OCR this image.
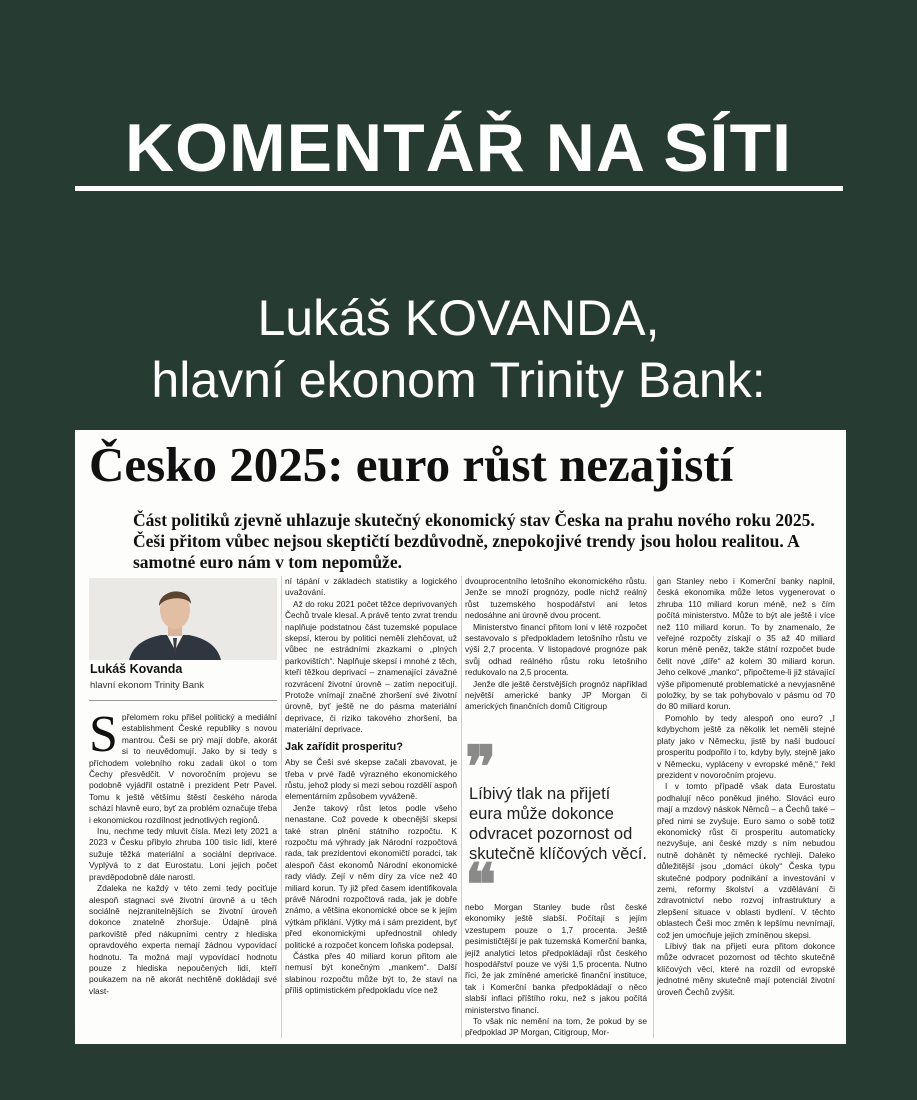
KOMENTÁŘ NA SÍTI
Lukáš KOVANDA,
hlavní ekonom Trinity Bank:
Česko 2025: euro růst nezajistí
Část politiků zjevně uhlazuje skutečný ekonomický stav Česka na prahu nového roku 2025. Češi přitom vůbec nejsou skeptičtí bezdůvodně, znepokojivé trendy jsou holou realitou. A samotné euro nám v tom nepomůže.
Lukáš Kovanda
hlavní ekonom Trinity Bank

Spřelomem roku přišel politický a mediální establishment České republiky s novou mantrou. Češi se prý mají dobře, akorát si to neuvědomují. Jako by si tedy s příchodem volebního roku zadali úkol o tom Čechy přesvědčit. V novoročním projevu se podobně vyjádřil ostatně i prezident Petr Pavel. Tomu k ještě většímu štěstí českého národa schází hlavně euro, byť za problém označuje třeba i ekonomickou rozdílnost jednotlivých regionů.

Inu, nechme tedy mluvit čísla. Mezi lety 2021 a 2023 v Česku přibylo zhruba 100 tisíc lidí, které sužuje těžká materiální a sociální deprivace. Vyplývá to z dat Eurostatu. Loni jejich počet pravděpodobně dále narostl.

Zdaleka ne každý v této zemi tedy pociťuje alespoň stagnaci své životní úrovně a u těch sociálně nejzranitelnějších se životní úroveň dokonce znatelně zhoršuje. Údajně plná parkoviště před nákupními centry z hlediska opravdového experta nemají žádnou vypovídací hodnotu. Ta možná mají vypovídací hodnotu pouze z hlediska nepoučených lidí, kteří poukazem na ně akorát nechtěně dokládají své vlast-

ní tápání v základech statistiky a logického uvažování.

Až do roku 2021 počet těžce deprivovaných Čechů trvale klesal. A právě tento zvrat trendu naplňuje podstatnou část tuzemské populace skepsí, kterou by politici neměli zlehčovat, už vůbec ne estrádními zkazkami o „plných parkovištích“. Naplňuje skepsí i mnohé z těch, kteří těžkou deprivací – znamenající závažné rozvrácení životní úrovně – zatím nepociťují. Protože vnímají značné zhoršení své životní úrovně, byť ještě ne do pásma materiální deprivace, či riziko takového zhoršení, ba materiální deprivace.

Jak zařídit prosperitu?

Aby se Češi své skepse začali zbavovat, je třeba v prvé řadě výrazného ekonomického růstu, jehož plody si mezi sebou rozdělí aspoň elementárním způsobem vyváženě.

Jenže takový růst letos podle všeho nenastane. Což povede k obecnější skepsi také stran plnění státního rozpočtu. K rozpočtu má výhrady jak Národní rozpočtová rada, tak prezidentovi ekonomičtí poradci, tak alespoň část ekonomů Národní ekonomické rady vlády. Zejí v něm díry za více než 40 miliard korun. Ty již před časem identifikovala právě Národní rozpočtová rada, jak je dobře známo, a většina ekonomické obce se k jejím výtkám přiklání. Výtky má i sám prezident, byť před ekonomickými upřednostnil ohledy politické a rozpočet koncem loňska podepsal.

Částka přes 40 miliard korun přitom ale nemusí být konečným „mankem“. Další slabinou rozpočtu může být to, že staví na příliš optimistickém předpokladu více než

dvouprocentního letošního ekonomického růstu. Jenže se množí prognózy, podle nichž reálný růst tuzemského hospodářství ani letos nedosáhne ani úrovně dvou procent.

Ministerstvo financí přitom loni v létě rozpočet sestavovalo s předpokladem letošního růstu ve výši 2,7 procenta. V listopadové prognóze pak svůj odhad reálného růstu roku letošního redukovalo na 2,5 procenta.

Jenže dle ještě čerstvějších prognóz například největší americké banky JP Morgan či amerických finančních domů Citigroup

❞
Líbivý tlak na přijetí eura může dokonce odvracet pozornost od skutečně klíčových věcí.
❝

nebo Morgan Stanley bude růst české ekonomiky ještě slabší. Počítají s jejím vzestupem pouze o 1,7 procenta. Ještě pesimističtější je pak tuzemská Komerční banka, jejíž analytici letos předpokládají růst českého hospodářství pouze ve výši 1,5 procenta. Nutno říci, že jak zmíněné americké finanční instituce, tak i Komerční banka předpokládají o něco slabší inflaci příštího roku, než s jakou počítá ministerstvo financí.

To však nic nemění na tom, že pokud by se předpoklad JP Morgan, Citigroup, Mor-

gan Stanley nebo i Komerční banky naplnil, česká ekonomika může letos vygenerovat o zhruba 110 miliard korun méně, než s čím počítá ministerstvo. Může to být ale ještě i více než 110 miliard korun. To by znamenalo, že veřejné rozpočty získají o 35 až 40 miliard korun méně peněz, takže státní rozpočet bude čelit nové „díře“ až kolem 30 miliard korun. Jeho celkové „manko“, připočteme-li již stávající výše připomenuté problematické a nevyjasněné položky, by se tak pohybovalo v pásmu od 70 do 80 miliard korun.

Pomohlo by tedy alespoň ono euro? „I kdybychom ještě za několik let neměli stejné platy jako v Německu, jistě by naší budoucí prosperitu podpořilo i to, kdyby byly, stejně jako v Německu, vypláceny v evropské měně,“ řekl prezident v novoročním projevu.

I v tomto případě však data Eurostatu podhalují něco poněkud jiného. Slováci euro mají a mzdový náskok Němců – a Čechů také – před nimi se zvyšuje. Euro samo o sobě totiž ekonomický růst či prosperitu automaticky nezvyšuje, ani české mzdy s ním nebudou nutně dohánět ty německé rychleji. Daleko důležitější jsou „domácí úkoly“ Česka typu skutečné podpory podnikání a investování v zemi, reformy školství a vzdělávání či zdravotnictví nebo rozvoj infrastruktury a zlepšení situace v oblasti bydlení. V těchto oblastech Češi moc změn k lepšímu nevnímají, což jen umocňuje jejich zmíněnou skepsi.

Líbivý tlak na přijetí eura přitom dokonce může odvracet pozornost od těchto skutečně klíčových věcí, které na rozdíl od evropské jednotné měny skutečně mají potenciál životní úroveň Čechů zvýšit.
